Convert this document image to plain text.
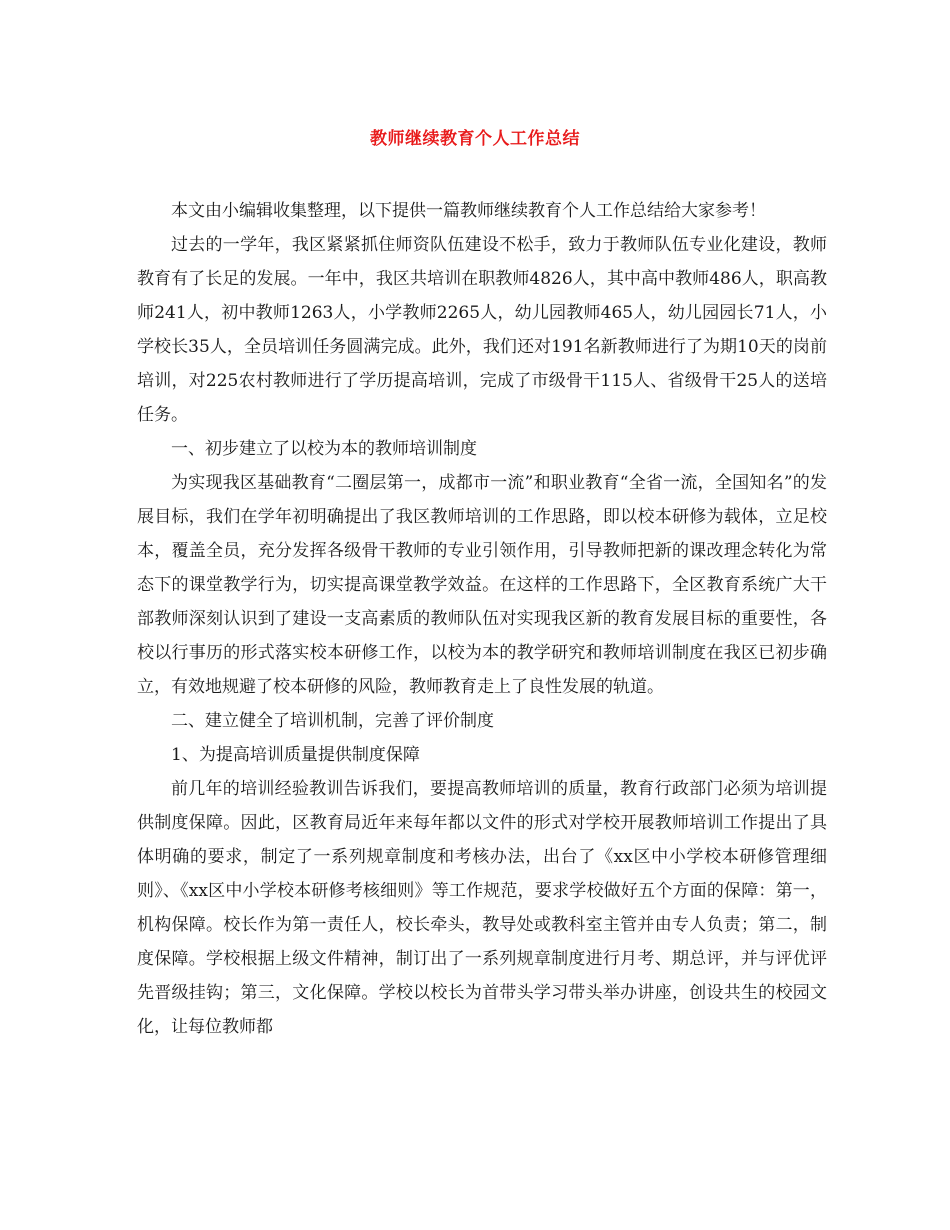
教师继续教育个人工作总结

本文由小编辑收集整理，以下提供一篇教师继续教育个人工作总结给大家参考！

过去的一学年，我区紧紧抓住师资队伍建设不松手，致力于教师队伍专业化建设，教师教育有了长足的发展。一年中，我区共培训在职教师4826人，其中高中教师486人，职高教师241人，初中教师1263人，小学教师2265人，幼儿园教师465人，幼儿园园长71人，小学校长35人，全员培训任务圆满完成。此外，我们还对191名新教师进行了为期10天的岗前培训，对225农村教师进行了学历提高培训，完成了市级骨干115人、省级骨干25人的送培任务。

一、初步建立了以校为本的教师培训制度

为实现我区基础教育“二圈层第一，成都市一流”和职业教育“全省一流，全国知名”的发展目标，我们在学年初明确提出了我区教师培训的工作思路，即以校本研修为载体，立足校本，覆盖全员，充分发挥各级骨干教师的专业引领作用，引导教师把新的课改理念转化为常态下的课堂教学行为，切实提高课堂教学效益。在这样的工作思路下，全区教育系统广大干部教师深刻认识到了建设一支高素质的教师队伍对实现我区新的教育发展目标的重要性，各校以行事历的形式落实校本研修工作，以校为本的教学研究和教师培训制度在我区已初步确立，有效地规避了校本研修的风险，教师教育走上了良性发展的轨道。

二、建立健全了培训机制，完善了评价制度

1、为提高培训质量提供制度保障

前几年的培训经验教训告诉我们，要提高教师培训的质量，教育行政部门必须为培训提供制度保障。因此，区教育局近年来每年都以文件的形式对学校开展教师培训工作提出了具体明确的要求，制定了一系列规章制度和考核办法，出台了《xx区中小学校本研修管理细则》、《xx区中小学校本研修考核细则》等工作规范，要求学校做好五个方面的保障：第一，机构保障。校长作为第一责任人，校长牵头，教导处或教科室主管并由专人负责；第二，制度保障。学校根据上级文件精神，制订出了一系列规章制度进行月考、期总评，并与评优评先晋级挂钩；第三，文化保障。学校以校长为首带头学习带头举办讲座，创设共生的校园文化，让每位教师都
